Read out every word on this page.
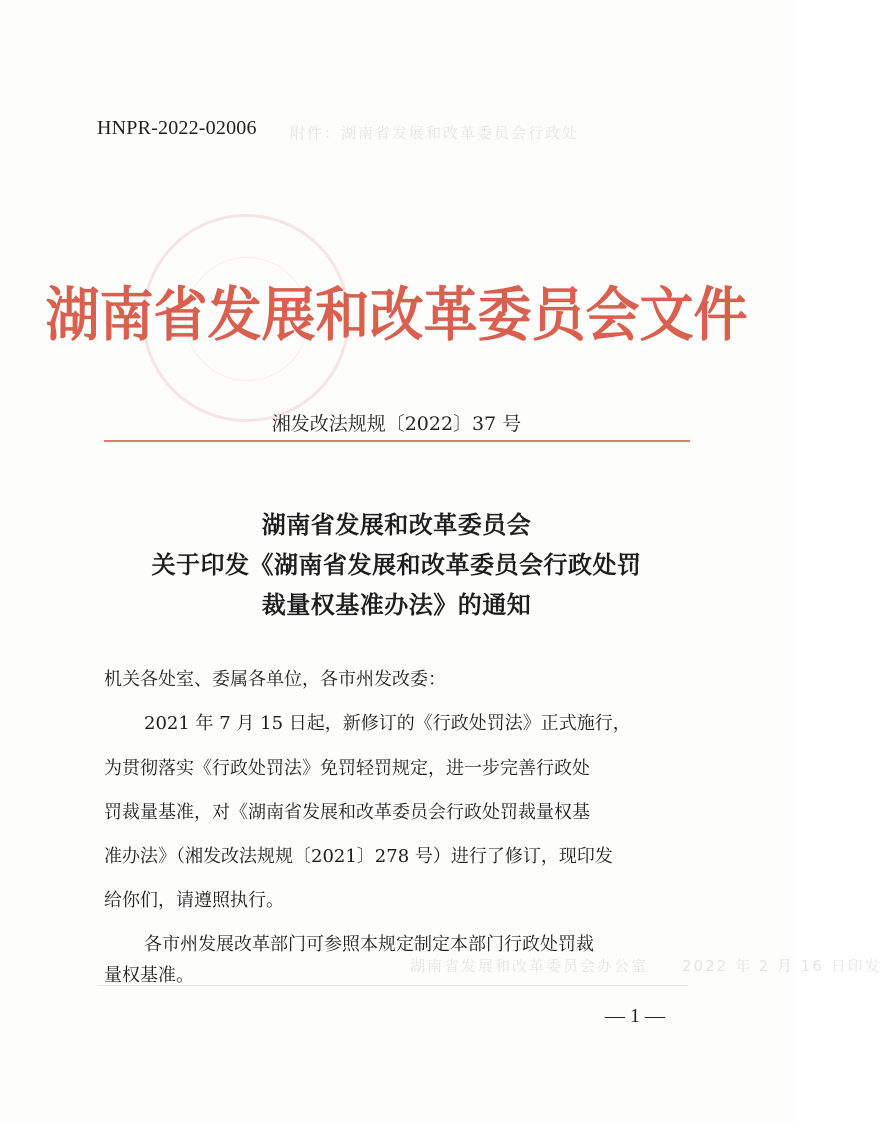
附件：湖南省发展和改革委员会行政处
湖南省发展和改革委员会办公室　　2022 年 2 月 16 日印发
HNPR-2022-02006
湖南省发展和改革委员会文件
湘发改法规规〔2022〕37 号
湖南省发展和改革委员会
关于印发《湖南省发展和改革委员会行政处罚
裁量权基准办法》的通知
机关各处室、委属各单位，各市州发改委：
2021 年 7 月 15 日起，新修订的《行政处罚法》正式施行，
为贯彻落实《行政处罚法》免罚轻罚规定，进一步完善行政处
罚裁量基准，对《湖南省发展和改革委员会行政处罚裁量权基
准办法》（湘发改法规规〔2021〕278 号）进行了修订，现印发
给你们，请遵照执行。
各市州发展改革部门可参照本规定制定本部门行政处罚裁
量权基准。
— 1 —
